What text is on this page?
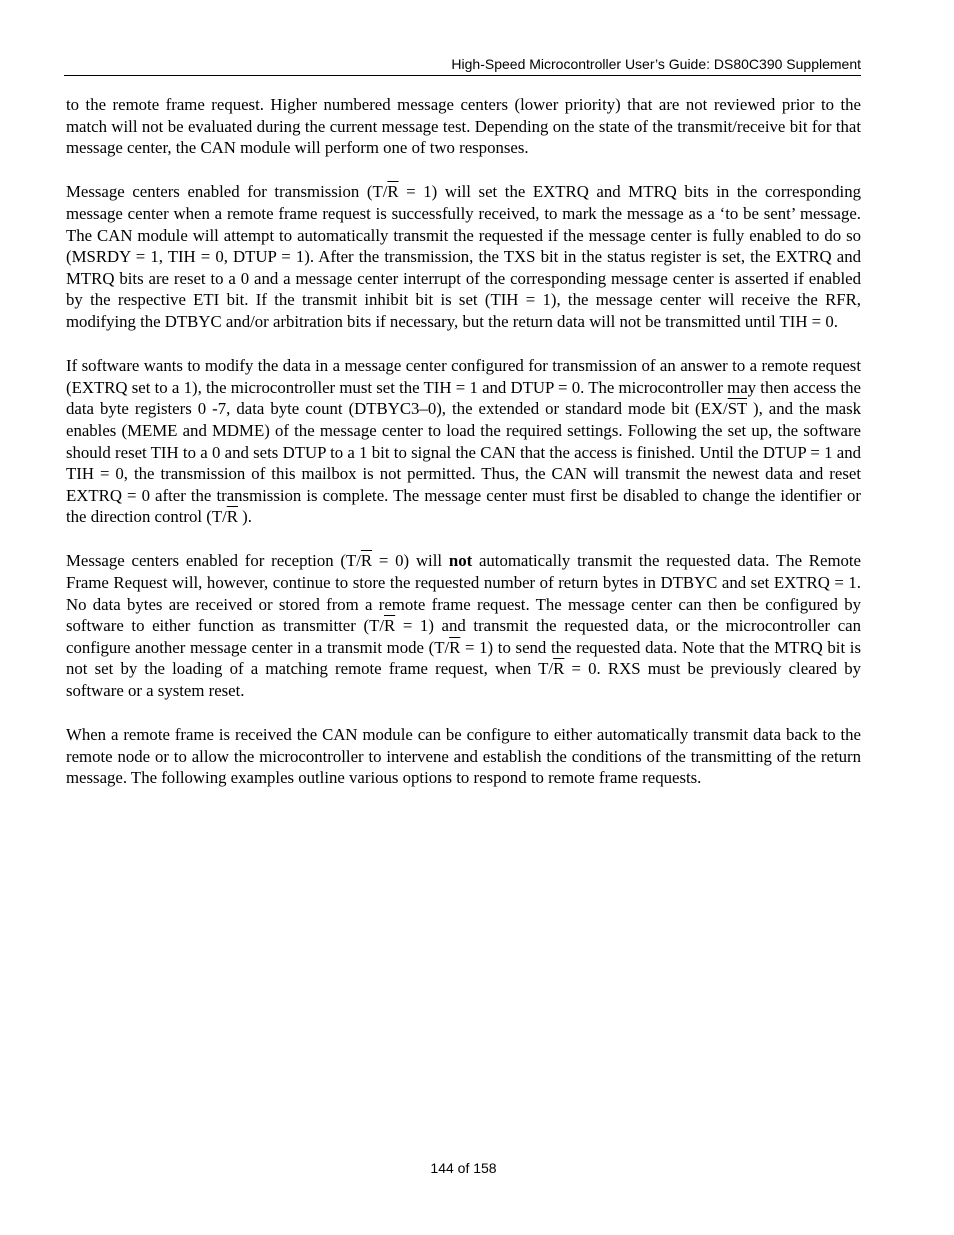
High-Speed Microcontroller User’s Guide: DS80C390 Supplement

to the remote frame request. Higher numbered message centers (lower priority) that are not reviewed prior to the match will not be evaluated during the current message test. Depending on the state of the transmit/receive bit for that message center, the CAN module will perform one of two responses.

Message centers enabled for transmission $(T/\overline{R} = 1)$ will set the EXTRQ and MTRQ bits in the corresponding message center when a remote frame request is successfully received, to mark the message as a ‘to be sent’ message. The CAN module will attempt to automatically transmit the requested if the message center is fully enabled to do so (MSRDY = 1, TIH = 0, DTUP = 1). After the transmission, the TXS bit in the status register is set, the EXTRQ and MTRQ bits are reset to a 0 and a message center interrupt of the corresponding message center is asserted if enabled by the respective ETI bit. If the transmit inhibit bit is set (TIH = 1), the message center will receive the RFR, modifying the DTBYC and/or arbitration bits if necessary, but the return data will not be transmitted until TIH = 0.

If software wants to modify the data in a message center configured for transmission of an answer to a remote request (EXTRQ set to a 1), the microcontroller must set the TIH = 1 and DTUP = 0. The microcontroller may then access the data byte registers 0 -7, data byte count (DTBYC3–0), the extended or standard mode bit ($EX/\overline{ST}$ ), and the mask enables (MEME and MDME) of the message center to load the required settings. Following the set up, the software should reset TIH to a 0 and sets DTUP to a 1 bit to signal the CAN that the access is finished. Until the DTUP = 1 and TIH = 0, the transmission of this mailbox is not permitted. Thus, the CAN will transmit the newest data and reset EXTRQ = 0 after the transmission is complete. The message center must first be disabled to change the identifier or the direction control ($T/\overline{R}$ ).

Message centers enabled for reception $(T/\overline{R} = 0)$ will not automatically transmit the requested data. The Remote Frame Request will, however, continue to store the requested number of return bytes in DTBYC and set EXTRQ = 1. No data bytes are received or stored from a remote frame request. The message center can then be configured by software to either function as transmitter $(T/\overline{R} = 1)$ and transmit the requested data, or the microcontroller can configure another message center in a transmit mode $(T/\overline{R} = 1)$ to send the requested data. Note that the MTRQ bit is not set by the loading of a matching remote frame request, when $T/\overline{R} = 0$. RXS must be previously cleared by software or a system reset.

When a remote frame is received the CAN module can be configure to either automatically transmit data back to the remote node or to allow the microcontroller to intervene and establish the conditions of the transmitting of the return message. The following examples outline various options to respond to remote frame requests.

144 of 158
